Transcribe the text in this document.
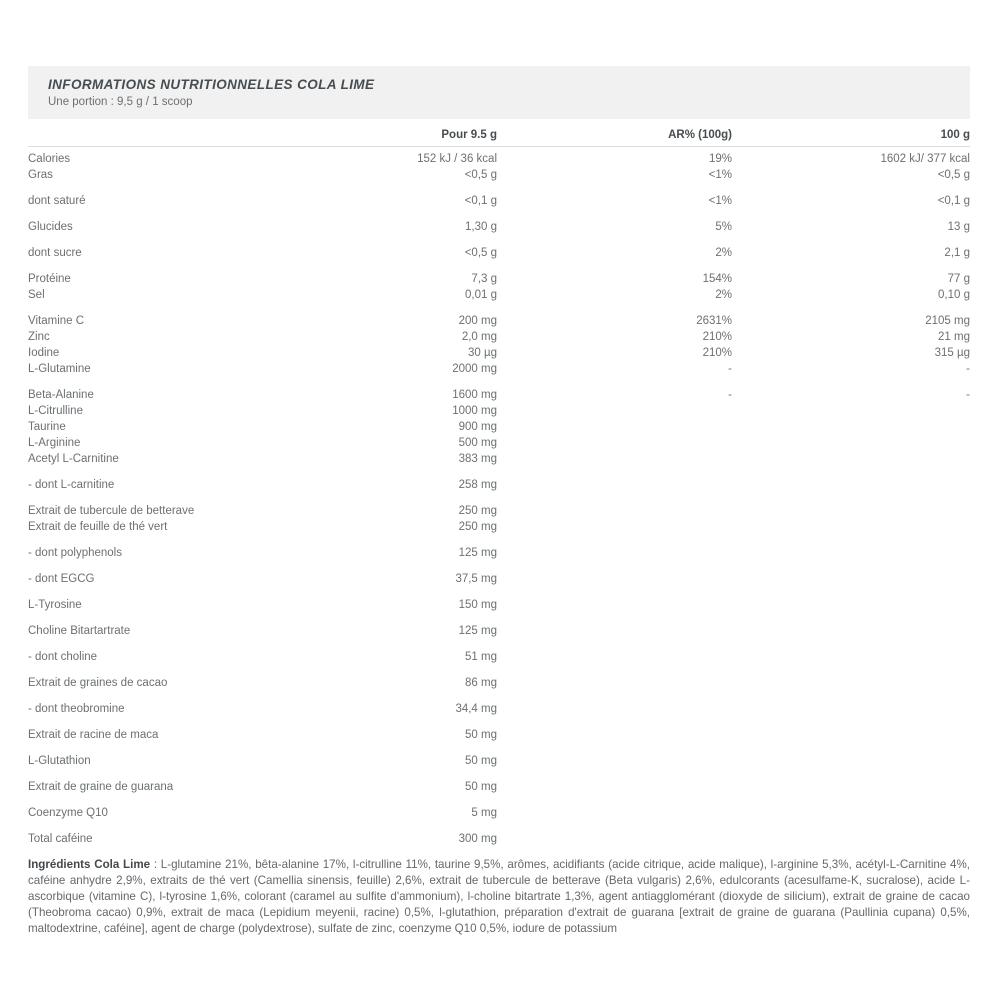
INFORMATIONS NUTRITIONNELLES COLA LIME
Une portion : 9,5 g / 1 scoop
Pour 9.5 g	AR% (100g)	100 g
Calories	152 kJ / 36 kcal	19%	1602 kJ/ 377 kcal
Gras	<0,5 g	<1%	<0,5 g
dont saturé	<0,1 g	<1%	<0,1 g
Glucides	1,30 g	5%	13 g
dont sucre	<0,5 g	2%	2,1 g
Protéine	7,3 g	154%	77 g
Sel	0,01 g	2%	0,10 g
Vitamine C	200 mg	2631%	2105 mg
Zinc	2,0 mg	210%	21 mg
Iodine	30 µg	210%	315 µg
L-Glutamine	2000 mg	-	-
Beta-Alanine	1600 mg	-	-
L-Citrulline	1000 mg
Taurine	900 mg
L-Arginine	500 mg
Acetyl L-Carnitine	383 mg
- dont L-carnitine	258 mg
Extrait de tubercule de betterave	250 mg
Extrait de feuille de thé vert	250 mg
- dont polyphenols	125 mg
- dont EGCG	37,5 mg
L-Tyrosine	150 mg
Choline Bitartartrate	125 mg
- dont choline	51 mg
Extrait de graines de cacao	86 mg
- dont theobromine	34,4 mg
Extrait de racine de maca	50 mg
L-Glutathion	50 mg
Extrait de graine de guarana	50 mg
Coenzyme Q10	5 mg
Total caféine	300 mg

Ingrédients Cola Lime : L-glutamine 21%, bêta-alanine 17%, l-citrulline 11%, taurine 9,5%, arômes, acidifiants (acide citrique, acide malique), l-arginine 5,3%, acétyl-L-Carnitine 4%, caféine anhydre 2,9%, extraits de thé vert (Camellia sinensis, feuille) 2,6%, extrait de tubercule de betterave (Beta vulgaris) 2,6%, edulcorants (acesulfame-K, sucralose), acide L-ascorbique (vitamine C), l-tyrosine 1,6%, colorant (caramel au sulfite d'ammonium), l-choline bitartrate 1,3%, agent antiagglomérant (dioxyde de silicium), extrait de graine de cacao (Theobroma cacao) 0,9%, extrait de maca (Lepidium meyenii, racine) 0,5%, l-glutathion, préparation d'extrait de guarana [extrait de graine de guarana (Paullinia cupana) 0,5%, maltodextrine, caféine], agent de charge (polydextrose), sulfate de zinc, coenzyme Q10 0,5%, iodure de potassium
